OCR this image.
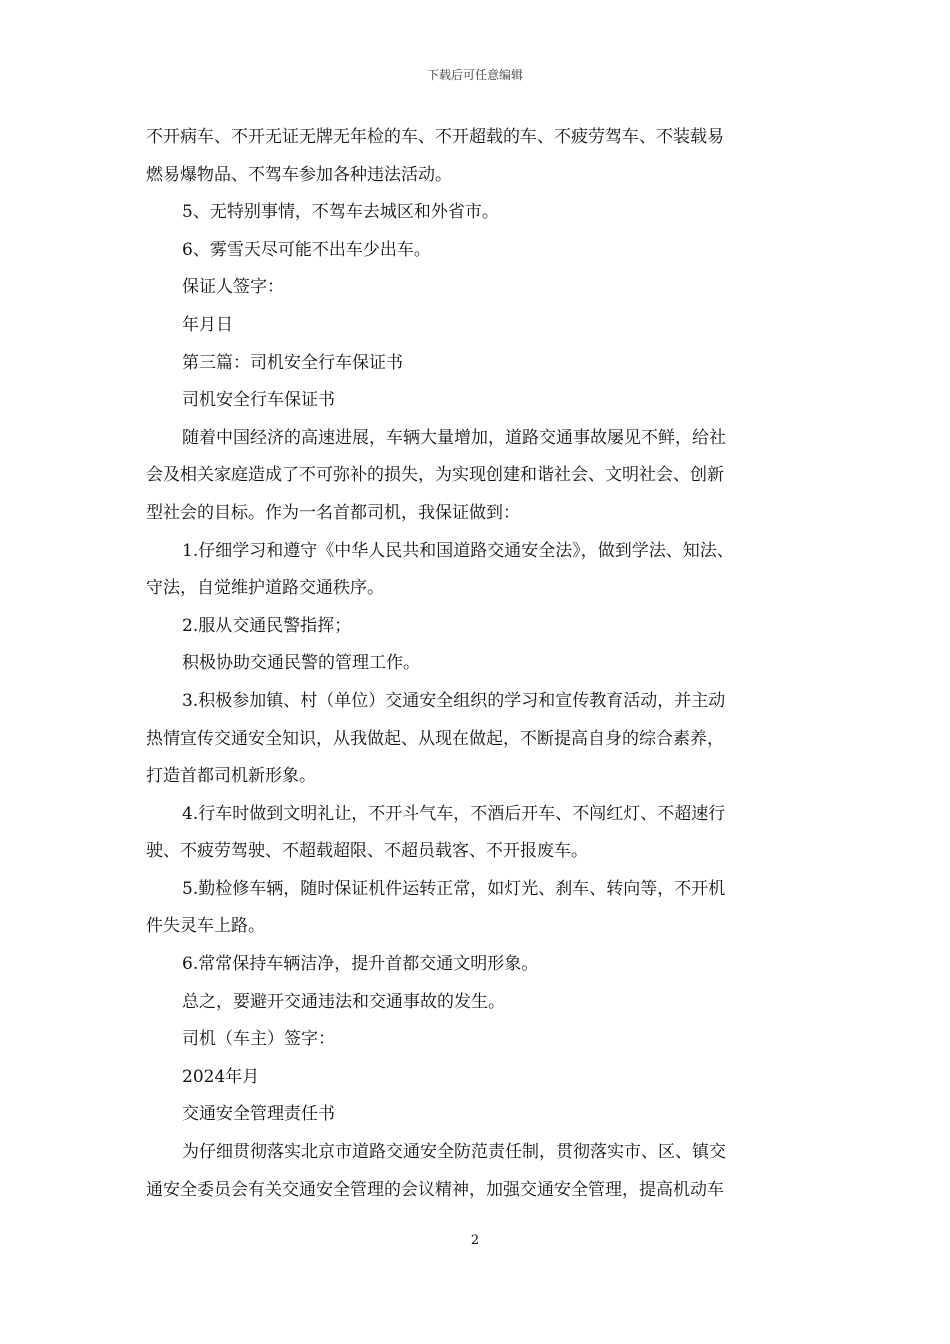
下载后可任意编辑
不开病车、不开无证无牌无年检的车、不开超载的车、不疲劳驾车、不装载易
燃易爆物品、不驾车参加各种违法活动。
5、无特别事情，不驾车去城区和外省市。
6、雾雪天尽可能不出车少出车。
保证人签字：
年月日
第三篇：司机安全行车保证书
司机安全行车保证书
随着中国经济的高速进展，车辆大量增加，道路交通事故屡见不鲜，给社
会及相关家庭造成了不可弥补的损失，为实现创建和谐社会、文明社会、创新
型社会的目标。作为一名首都司机，我保证做到：
1.仔细学习和遵守《中华人民共和国道路交通安全法》，做到学法、知法、
守法，自觉维护道路交通秩序。
2.服从交通民警指挥；
积极协助交通民警的管理工作。
3.积极参加镇、村（单位）交通安全组织的学习和宣传教育活动，并主动
热情宣传交通安全知识，从我做起、从现在做起，不断提高自身的综合素养，
打造首都司机新形象。
4.行车时做到文明礼让，不开斗气车，不酒后开车、不闯红灯、不超速行
驶、不疲劳驾驶、不超载超限、不超员载客、不开报废车。
5.勤检修车辆，随时保证机件运转正常，如灯光、刹车、转向等，不开机
件失灵车上路。
6.常常保持车辆洁净，提升首都交通文明形象。
总之，要避开交通违法和交通事故的发生。
司机（车主）签字：
2024年月
交通安全管理责任书
为仔细贯彻落实北京市道路交通安全防范责任制，贯彻落实市、区、镇交
通安全委员会有关交通安全管理的会议精神，加强交通安全管理，提高机动车
2
